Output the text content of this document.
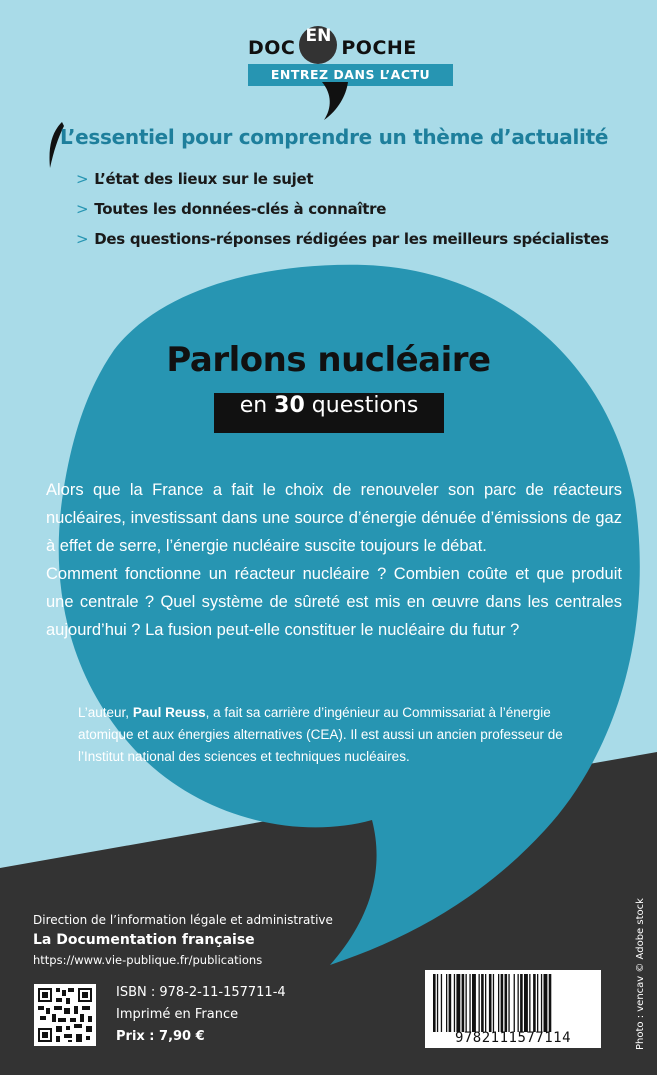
DOC
EN
POCHE
ENTREZ DANS L’ACTU
L’essentiel pour comprendre un thème d’actualité
> L’état des lieux sur le sujet
> Toutes les données-clés à connaître
> Des questions-réponses rédigées par les meilleurs spécialistes
Parlons nucléaire
en 30 questions

Alors que la France a fait le choix de renouveler son parc de réacteurs nucléaires, investissant dans une source d’énergie dénuée d’émissions de gaz à effet de serre, l’énergie nucléaire suscite toujours le débat.

Comment fonctionne un réacteur nucléaire ? Combien coûte et que produit une centrale ? Quel système de sûreté est mis en œuvre dans les centrales aujourd’hui ? La fusion peut-elle constituer le nucléaire du futur ?

L’auteur, Paul Reuss, a fait sa carrière d’ingénieur au Commissariat à l’énergie atomique et aux énergies alternatives (CEA). Il est aussi un ancien professeur de l’Institut national des sciences et techniques nucléaires.
Direction de l’information légale et administrative
La Documentation française
https://www.vie-publique.fr/publications
ISBN : 978-2-11-157711-4
Imprimé en France
Prix : 7,90 €	9782111577114	Photo : vencav © Adobe stock
